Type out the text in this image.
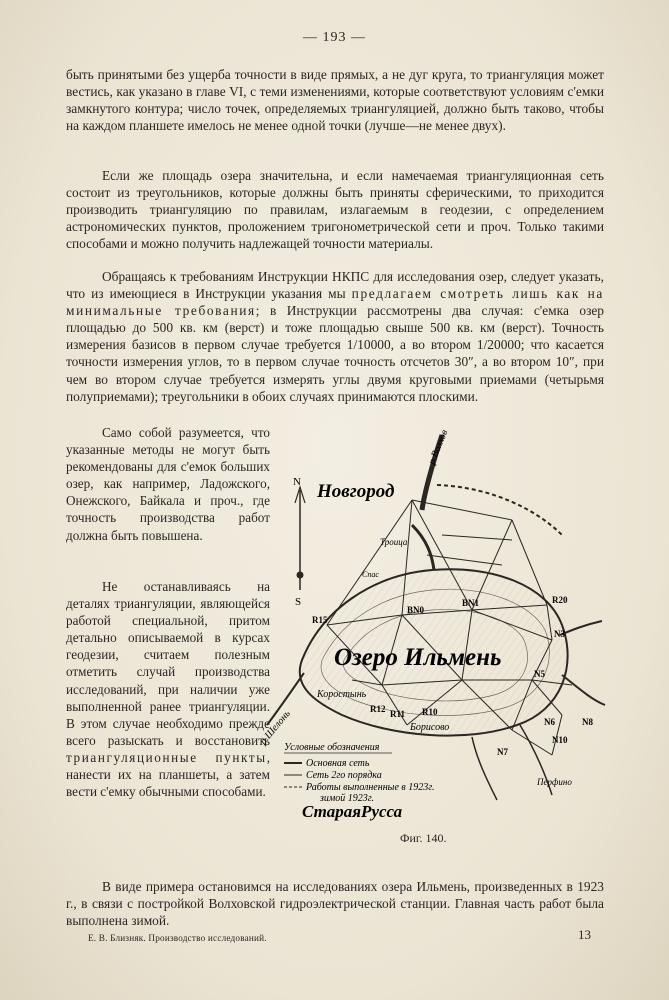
— 193 —

быть принятыми без ущерба точности в виде прямых, а не дуг круга, то триангуляция может вестись, как указано в главе VI, с теми изменениями, которые соответствуют условиям с'емки замкнутого контура; число точек, определяемых триангуляцией, должно быть таково, чтобы на каждом планшете имелось не менее одной точки (лучше—не менее двух).

Если же площадь озера значительна, и если намечаемая триангуляционная сеть состоит из треугольников, которые должны быть приняты сферическими, то приходится производить триангуляцию по правилам, излагаемым в геодезии, с определением астрономических пунктов, проложением тригонометрической сети и проч. Только такими способами и можно получить надлежащей точности материалы.

Обращаясь к требованиям Инструкции НКПС для исследования озер, следует указать, что из имеющиеся в Инструкции указания мы предлагаем смотреть лишь как на минимальные требования; в Инструкции рассмотрены два случая: с'емка озер площадью до 500 кв. км (верст) и тоже площадью свыше 500 кв. км (верст). Точность измерения базисов в первом случае требуется 1/10000, а во втором 1/20000; что касается точности измерения углов, то в первом случае точность отсчетов 30″, а во втором 10″, при чем во втором случае требуется измерять углы двумя круговыми приемами (четырьмя полуприемами); треугольники в обоих случаях принимаются плоскими.

Само собой разумеется, что указанные методы не могут быть рекомендованы для с'емок больших озер, как например, Ладожского, Онежского, Байкала и проч., где точность производства работ должна быть повышена.

Не останавливаясь на деталях триангуляции, являющейся работой специальной, притом детально описываемой в курсах геодезии, считаем полезным отметить случай производства исследований, при наличии уже выполненной ранее триангуляции. В этом случае необходимо прежде всего разыскать и восстановить триангуляционные пункты, нанести их на планшеты, а затем вести с'емку обычными способами.

N
S
Новгород
р.Волхов
Троица
Спас
Озеро Ильмень
р.Шелонь
Коростынь
Борисово
Перфино
BN0
BN1
R15
R20
N3
N5
N6
N7
N8
N10
R10
R11
R12
Условные обозначения
Основная сеть
Сеть 2го порядка
Работы выполненные в 1923г.
зимой 1923г.
СтараяРусса
Фиг. 140.

В виде примера остановимся на исследованиях озера Ильмень, произведенных в 1923 г., в связи с постройкой Волховской гидроэлектрической станции. Главная часть работ была выполнена зимой.

Е. В. Близняк. Производство исследований.	13
